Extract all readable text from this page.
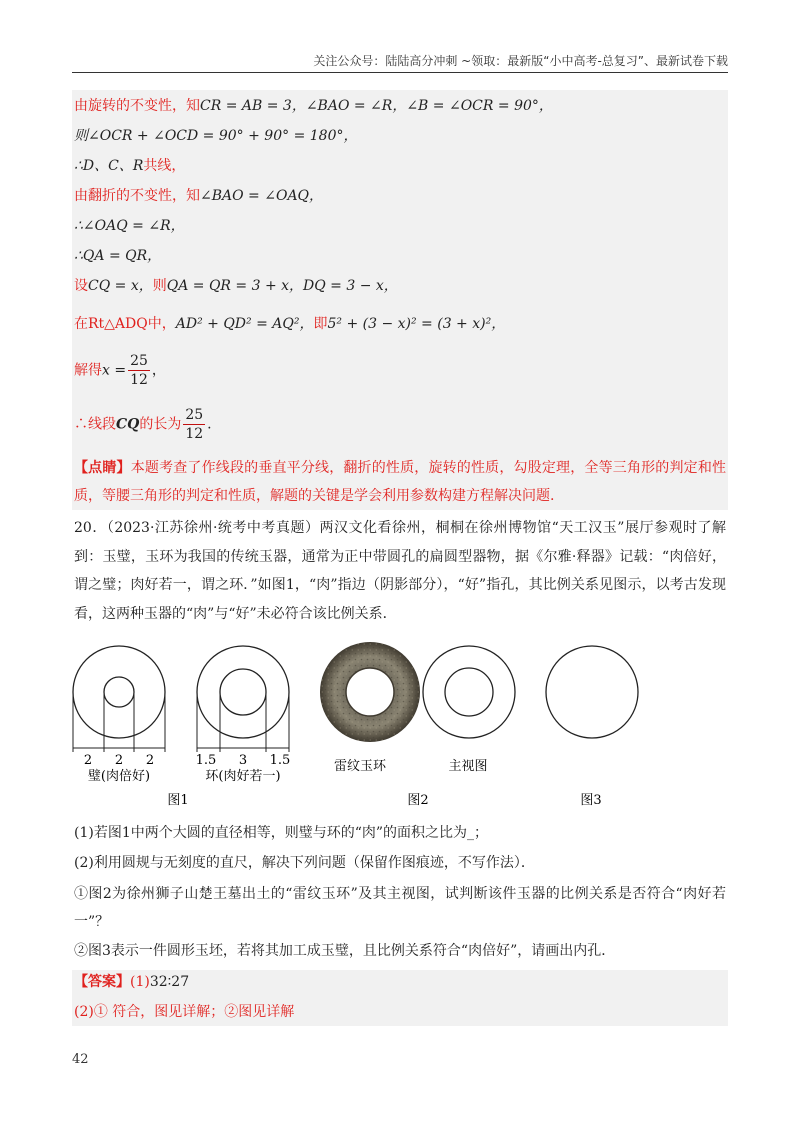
关注公众号：陆陆高分冲刺 ~领取：最新版“小中高考-总复习”、最新试卷下载
由旋转的不变性，知CR = AB = 3，∠BAO = ∠R，∠B = ∠OCR = 90°，
则∠OCR + ∠OCD = 90° + 90° = 180°，
∴D、C、R共线，
由翻折的不变性，知∠BAO = ∠OAQ，
∴∠OAQ = ∠R，
∴QA = QR，
设CQ = x，则QA = QR = 3 + x，DQ = 3 − x，
在Rt△ADQ中，AD² + QD² = AQ²，即5² + (3 − x)² = (3 + x)²，
解得$x = \frac{25}{12}$ ，
∴线段CQ的长为 $\frac{25}{12}$ .
【点睛】本题考查了作线段的垂直平分线，翻折的性质，旋转的性质，勾股定理，全等三角形的判定和性质，等腰三角形的判定和性质，解题的关键是学会利用参数构建方程解决问题.
20．（2023·江苏徐州·统考中考真题）两汉文化看徐州，桐桐在徐州博物馆“天工汉玉”展厅参观时了解到：玉璧，玉环为我国的传统玉器，通常为正中带圆孔的扁圆型器物，据《尔雅·释器》记载：“肉倍好，谓之璧；肉好若一，谓之环．”如图1，“肉”指边（阴影部分），“好”指孔，其比例关系见图示，以考古发现看，这两种玉器的“肉”与“好”未必符合该比例关系．
2 2 2
璧(肉倍好)
1.5 3 1.5
环(肉好若一)
雷纹玉环	主视图
图1	图2	图3
(1)若图1中两个大圆的直径相等，则璧与环的“肉”的面积之比为_；
(2)利用圆规与无刻度的直尺，解决下列问题（保留作图痕迹，不写作法）．
①图2为徐州狮子山楚王墓出土的“雷纹玉环”及其主视图，试判断该件玉器的比例关系是否符合“肉好若一”？
②图3表示一件圆形玉坯，若将其加工成玉璧，且比例关系符合“肉倍好”，请画出内孔．
【答案】(1)32∶27
(2)① 符合，图见详解；②图见详解
42
